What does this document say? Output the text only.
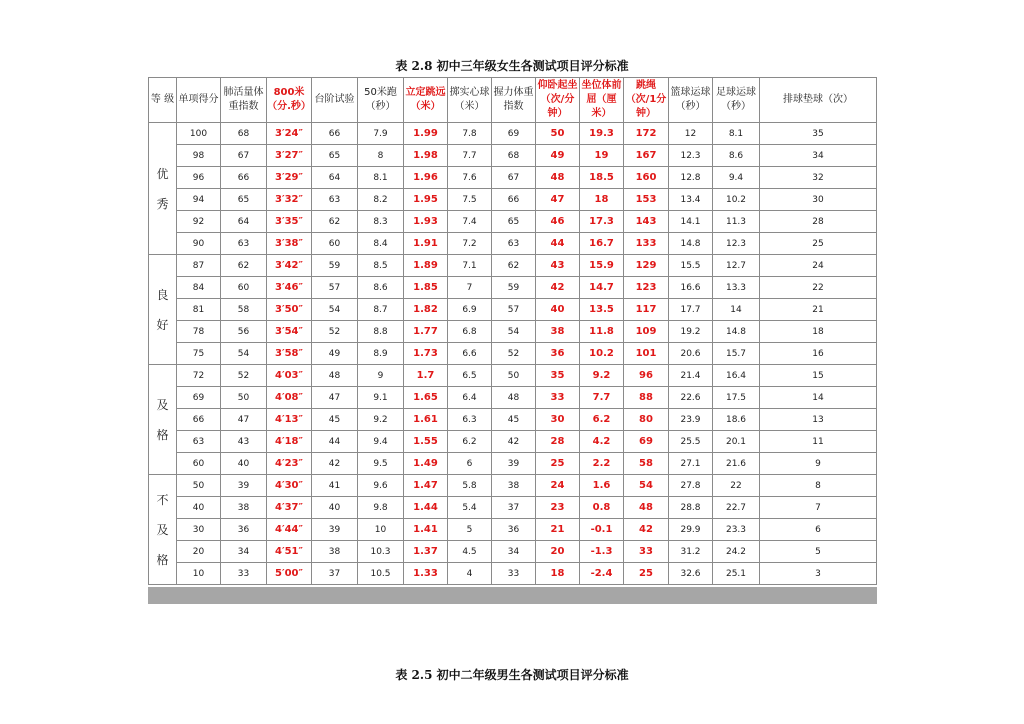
表 2.8 初中三年级女生各测试项目评分标准
等 级	单项得分	肺活量体重指数	800米（分.秒）	台阶试验	50米跑（秒）	立定跳远（米）	掷实心球（米）	握力体重指数	仰卧起坐（次/分钟）	坐位体前屈（厘米）	跳绳（次/1分钟）	篮球运球（秒）	足球运球（秒）	排球垫球（次）

优
秀	100	68	3′24″	66	7.9	1.99	7.8	69	50	19.3	172	12	8.1	35
	98	67	3′27″	65	8	1.98	7.7	68	49	19	167	12.3	8.6	34
	96	66	3′29″	64	8.1	1.96	7.6	67	48	18.5	160	12.8	9.4	32
	94	65	3′32″	63	8.2	1.95	7.5	66	47	18	153	13.4	10.2	30
	92	64	3′35″	62	8.3	1.93	7.4	65	46	17.3	143	14.1	11.3	28
	90	63	3′38″	60	8.4	1.91	7.2	63	44	16.7	133	14.8	12.3	25

良
好	87	62	3′42″	59	8.5	1.89	7.1	62	43	15.9	129	15.5	12.7	24
	84	60	3′46″	57	8.6	1.85	7	59	42	14.7	123	16.6	13.3	22
	81	58	3′50″	54	8.7	1.82	6.9	57	40	13.5	117	17.7	14	21
	78	56	3′54″	52	8.8	1.77	6.8	54	38	11.8	109	19.2	14.8	18
	75	54	3′58″	49	8.9	1.73	6.6	52	36	10.2	101	20.6	15.7	16

及
格	72	52	4′03″	48	9	1.7	6.5	50	35	9.2	96	21.4	16.4	15
	69	50	4′08″	47	9.1	1.65	6.4	48	33	7.7	88	22.6	17.5	14
	66	47	4′13″	45	9.2	1.61	6.3	45	30	6.2	80	23.9	18.6	13
	63	43	4′18″	44	9.4	1.55	6.2	42	28	4.2	69	25.5	20.1	11
	60	40	4′23″	42	9.5	1.49	6	39	25	2.2	58	27.1	21.6	9

不
及
格	50	39	4′30″	41	9.6	1.47	5.8	38	24	1.6	54	27.8	22	8
	40	38	4′37″	40	9.8	1.44	5.4	37	23	0.8	48	28.8	22.7	7
	30	36	4′44″	39	10	1.41	5	36	21	-0.1	42	29.9	23.3	6
	20	34	4′51″	38	10.3	1.37	4.5	34	20	-1.3	33	31.2	24.2	5
	10	33	5′00″	37	10.5	1.33	4	33	18	-2.4	25	32.6	25.1	3
表 2.5 初中二年级男生各测试项目评分标准
